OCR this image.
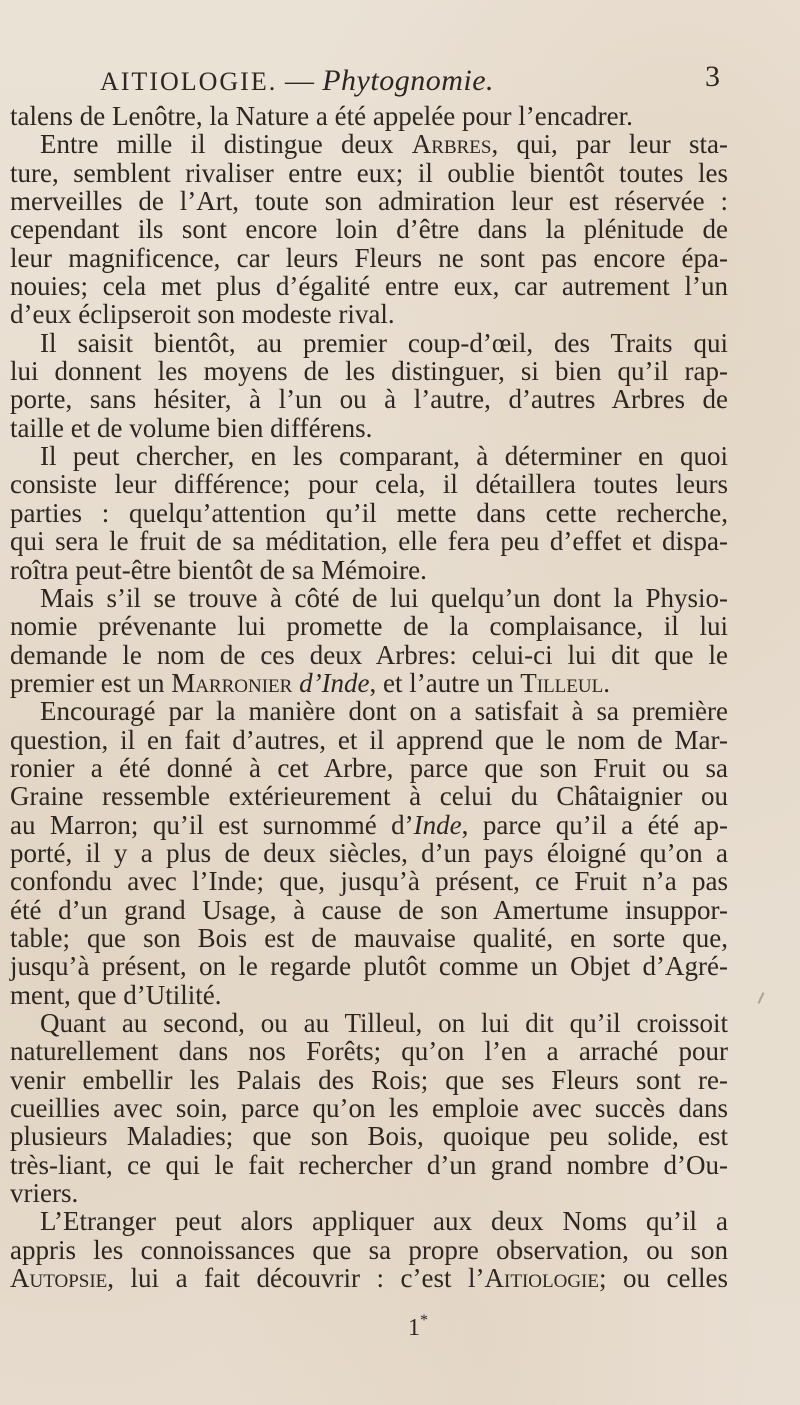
AITIOLOGIE. — Phytognomie.	3
talens de Lenôtre, la Nature a été appelée pour l’encadrer.
Entre mille il distingue deux Arbres, qui, par leur sta-
ture, semblent rivaliser entre eux; il oublie bientôt toutes les
merveilles de l’Art, toute son admiration leur est réservée :
cependant ils sont encore loin d’être dans la plénitude de
leur magnificence, car leurs Fleurs ne sont pas encore épa-
nouies; cela met plus d’égalité entre eux, car autrement l’un
d’eux éclipseroit son modeste rival.
Il saisit bientôt, au premier coup-d’œil, des Traits qui
lui donnent les moyens de les distinguer, si bien qu’il rap-
porte, sans hésiter, à l’un ou à l’autre, d’autres Arbres de
taille et de volume bien différens.
Il peut chercher, en les comparant, à déterminer en quoi
consiste leur différence; pour cela, il détaillera toutes leurs
parties : quelqu’attention qu’il mette dans cette recherche,
qui sera le fruit de sa méditation, elle fera peu d’effet et dispa-
roîtra peut-être bientôt de sa Mémoire.
Mais s’il se trouve à côté de lui quelqu’un dont la Physio-
nomie prévenante lui promette de la complaisance, il lui
demande le nom de ces deux Arbres: celui-ci lui dit que le
premier est un Marronier d’Inde, et l’autre un Tilleul.
Encouragé par la manière dont on a satisfait à sa première
question, il en fait d’autres, et il apprend que le nom de Mar-
ronier a été donné à cet Arbre, parce que son Fruit ou sa
Graine ressemble extérieurement à celui du Châtaignier ou
au Marron; qu’il est surnommé d’Inde, parce qu’il a été ap-
porté, il y a plus de deux siècles, d’un pays éloigné qu’on a
confondu avec l’Inde; que, jusqu’à présent, ce Fruit n’a pas
été d’un grand Usage, à cause de son Amertume insuppor-
table; que son Bois est de mauvaise qualité, en sorte que,
jusqu’à présent, on le regarde plutôt comme un Objet d’Agré-
ment, que d’Utilité.
Quant au second, ou au Tilleul, on lui dit qu’il croissoit
naturellement dans nos Forêts; qu’on l’en a arraché pour
venir embellir les Palais des Rois; que ses Fleurs sont re-
cueillies avec soin, parce qu’on les emploie avec succès dans
plusieurs Maladies; que son Bois, quoique peu solide, est
très-liant, ce qui le fait rechercher d’un grand nombre d’Ou-
vriers.
L’Etranger peut alors appliquer aux deux Noms qu’il a
appris les connoissances que sa propre observation, ou son
Autopsie, lui a fait découvrir : c’est l’Aitiologie; ou celles
1*
